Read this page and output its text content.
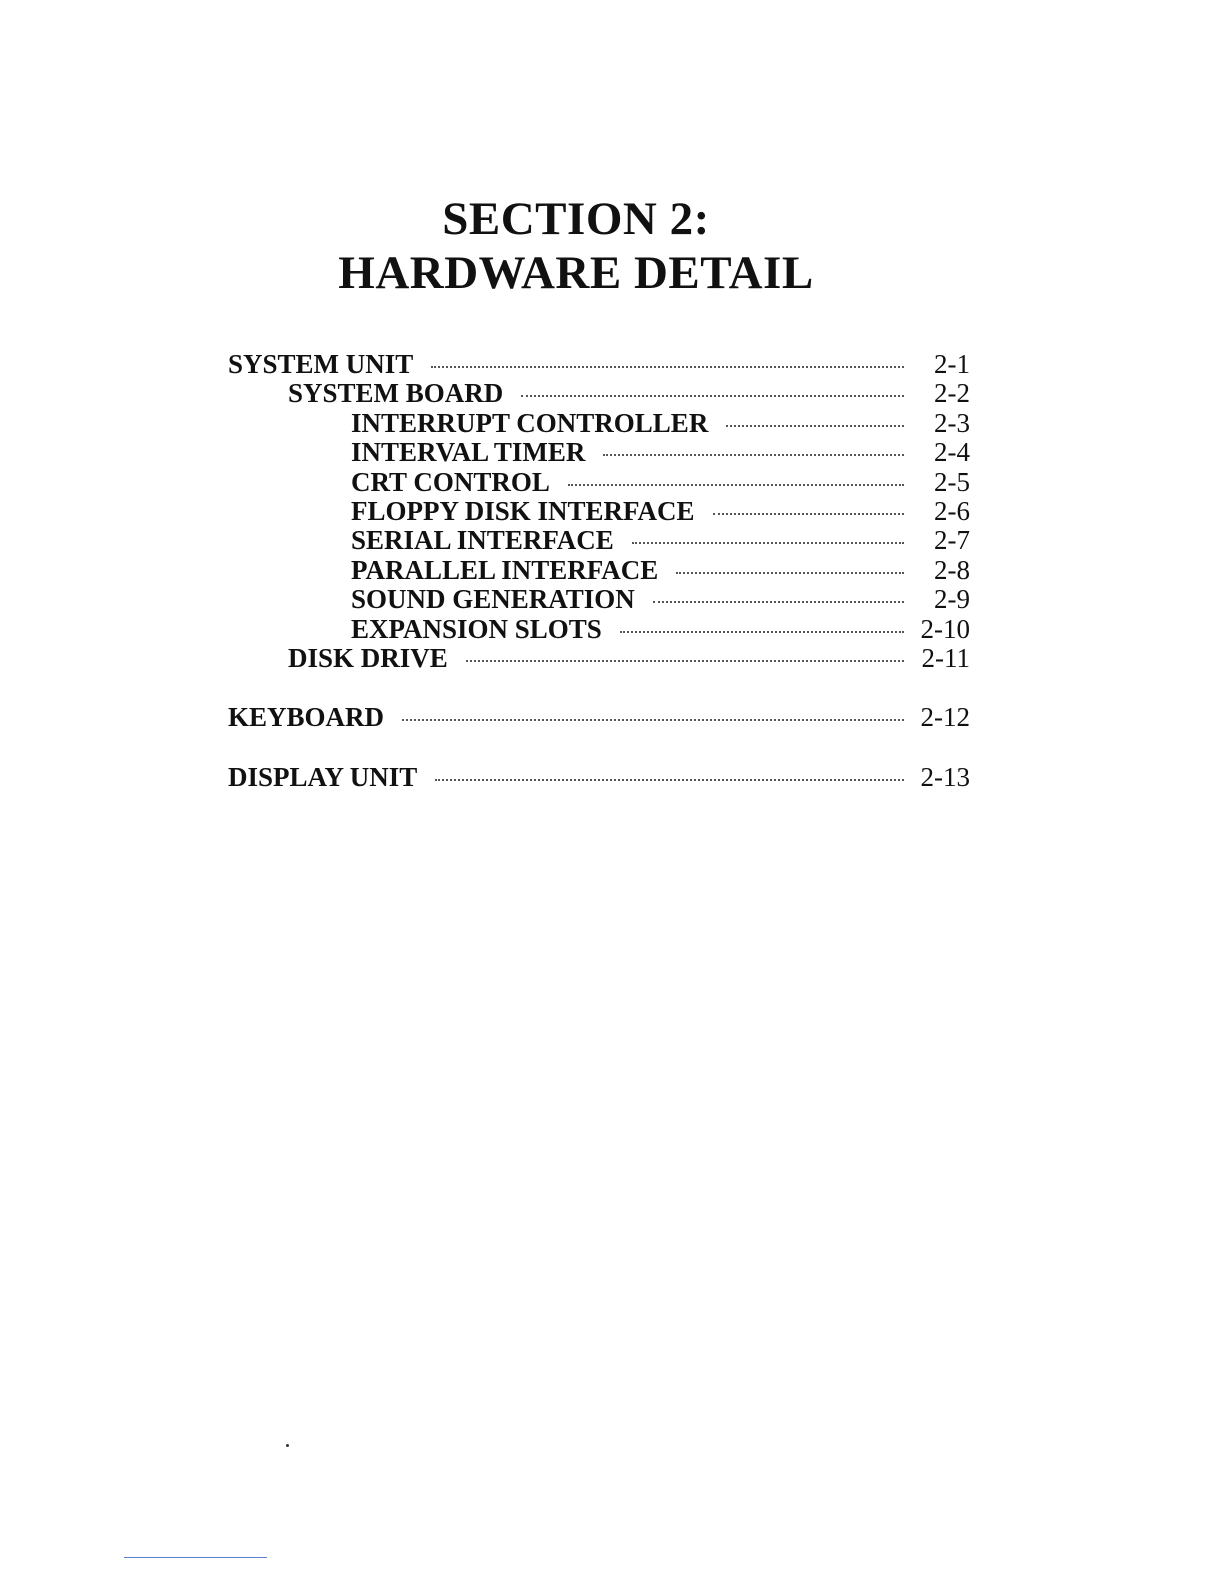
SECTION 2:
HARDWARE DETAIL
SYSTEM UNIT	2-1
SYSTEM BOARD	2-2
INTERRUPT CONTROLLER	2-3
INTERVAL TIMER	2-4
CRT CONTROL	2-5
FLOPPY DISK INTERFACE	2-6
SERIAL INTERFACE	2-7
PARALLEL INTERFACE	2-8
SOUND GENERATION	2-9
EXPANSION SLOTS	2-10
DISK DRIVE	2-11
KEYBOARD	2-12
DISPLAY UNIT	2-13
